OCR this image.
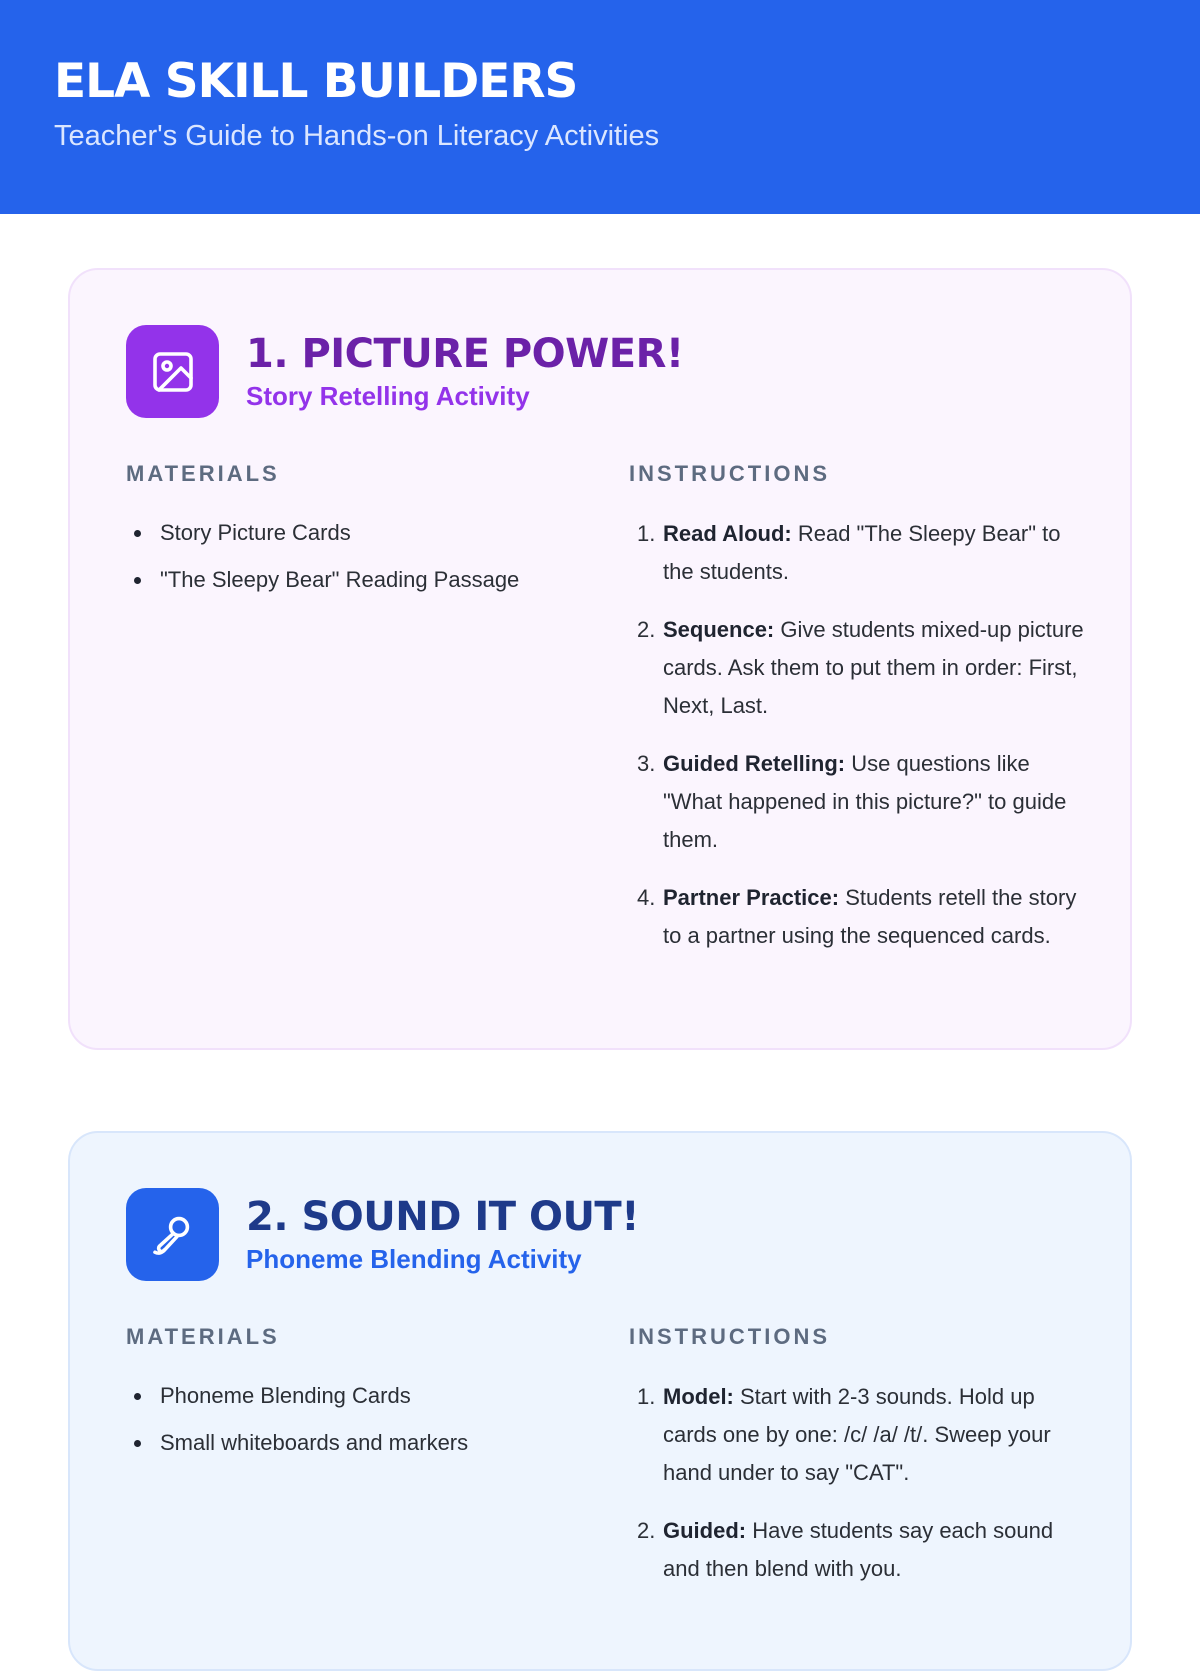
ELA SKILL BUILDERS
Teacher's Guide to Hands-on Literacy Activities
1. PICTURE POWER!
Story Retelling Activity
MATERIALS
Story Picture Cards
"The Sleepy Bear" Reading Passage
INSTRUCTIONS
1. Read Aloud: Read "The Sleepy Bear" to the students.
2. Sequence: Give students mixed-up picture cards. Ask them to put them in order: First, Next, Last.
3. Guided Retelling: Use questions like "What happened in this picture?" to guide them.
4. Partner Practice: Students retell the story to a partner using the sequenced cards.
2. SOUND IT OUT!
Phoneme Blending Activity
MATERIALS
Phoneme Blending Cards
Small whiteboards and markers
INSTRUCTIONS
1. Model: Start with 2-3 sounds. Hold up cards one by one: /c/ /a/ /t/. Sweep your hand under to say "CAT".
2. Guided: Have students say each sound and then blend with you.
